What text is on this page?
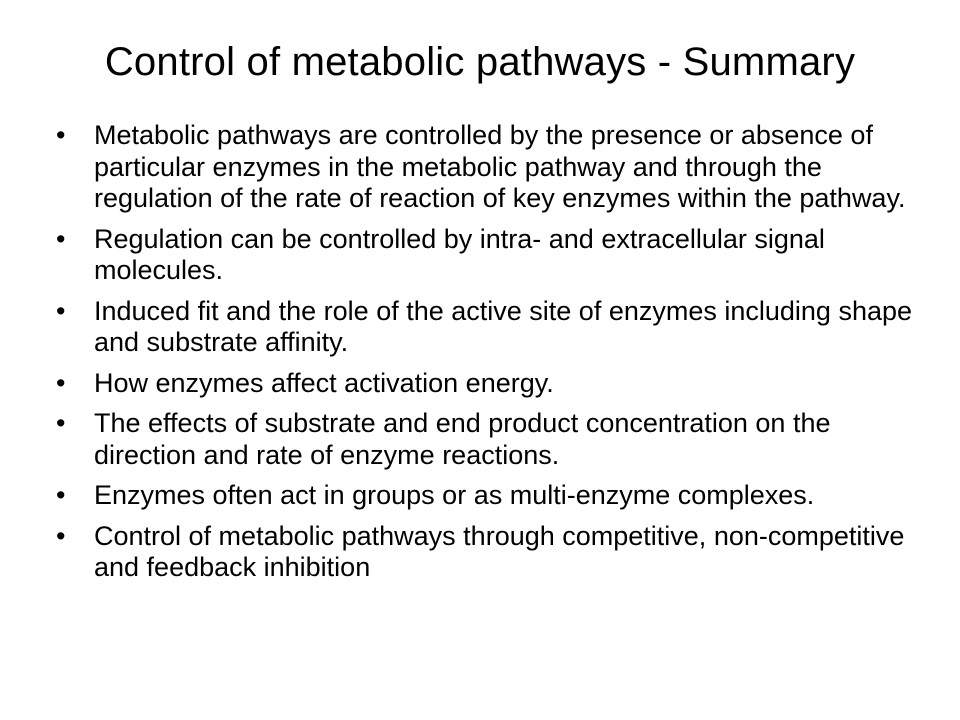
Control of metabolic pathways - Summary
•	Metabolic pathways are controlled by the presence or absence of particular enzymes in the metabolic pathway and through the regulation of the rate of reaction of key enzymes within the pathway.
•	Regulation can be controlled by intra- and extracellular signal molecules.
•	Induced fit and the role of the active site of enzymes including shape and substrate affinity.
•	How enzymes affect activation energy.
•	The effects of substrate and end product concentration on the direction and rate of enzyme reactions.
•	Enzymes often act in groups or as multi-enzyme complexes.
•	Control of metabolic pathways through competitive, non-competitive and feedback inhibition
